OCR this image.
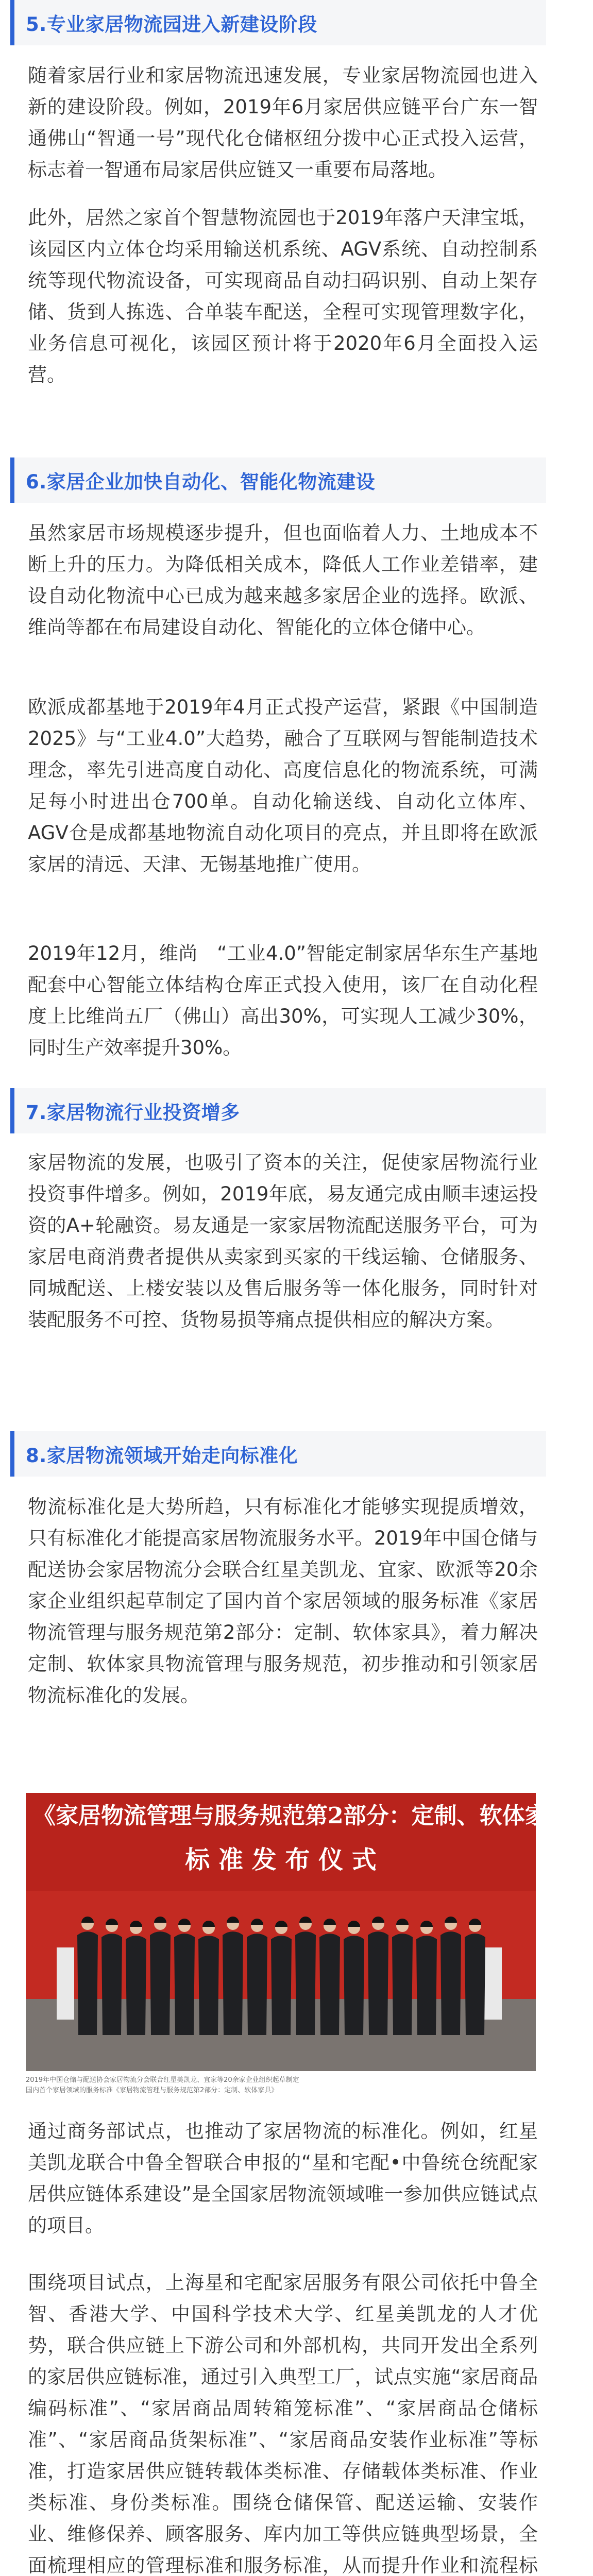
5.专业家居物流园进入新建设阶段

随着家居行业和家居物流迅速发展，专业家居物流园也进入新的建设阶段。例如，2019年6月家居供应链平台广东一智通佛山“智通一号”现代化仓储枢纽分拨中心正式投入运营，标志着一智通布局家居供应链又一重要布局落地。

此外，居然之家首个智慧物流园也于2019年落户天津宝坻，该园区内立体仓均采用输送机系统、AGV系统、自动控制系统等现代物流设备，可实现商品自动扫码识别、自动上架存储、货到人拣选、合单装车配送，全程可实现管理数字化，业务信息可视化，该园区预计将于2020年6月全面投入运营。

6.家居企业加快自动化、智能化物流建设

虽然家居市场规模逐步提升，但也面临着人力、土地成本不断上升的压力。为降低相关成本，降低人工作业差错率，建设自动化物流中心已成为越来越多家居企业的选择。欧派、维尚等都在布局建设自动化、智能化的立体仓储中心。

欧派成都基地于2019年4月正式投产运营，紧跟《中国制造2025》与“工业4.0”大趋势，融合了互联网与智能制造技术理念，率先引进高度自动化、高度信息化的物流系统，可满足每小时进出仓700单。自动化输送线、自动化立体库、AGV仓是成都基地物流自动化项目的亮点，并且即将在欧派家居的清远、天津、无锡基地推广使用。

2019年12月，维尚　“工业4.0”智能定制家居华东生产基地配套中心智能立体结构仓库正式投入使用，该厂在自动化程度上比维尚五厂（佛山）高出30%，可实现人工减少30%，同时生产效率提升30%。

7.家居物流行业投资增多

家居物流的发展，也吸引了资本的关注，促使家居物流行业投资事件增多。例如，2019年底，易友通完成由顺丰速运投资的A+轮融资。易友通是一家家居物流配送服务平台，可为家居电商消费者提供从卖家到买家的干线运输、仓储服务、同城配送、上楼安装以及售后服务等一体化服务，同时针对装配服务不可控、货物易损等痛点提供相应的解决方案。

8.家居物流领域开始走向标准化

物流标准化是大势所趋，只有标准化才能够实现提质增效，只有标准化才能提高家居物流服务水平。2019年中国仓储与配送协会家居物流分会联合红星美凯龙、宜家、欧派等20余家企业组织起草制定了国内首个家居领域的服务标准《家居物流管理与服务规范第2部分：定制、软体家具》，着力解决定制、软体家具物流管理与服务规范，初步推动和引领家居物流标准化的发展。

《家居物流管理与服务规范第2部分：定制、软体家具》
标 准 发 布 仪 式
2019年中国仓储与配送协会家居物流分会联合红星美凯龙、宜家等20余家企业组织起草制定
国内首个家居领域的服务标准《家居物流管理与服务规范第2部分：定制、软体家具》

通过商务部试点，也推动了家居物流的标准化。例如，红星美凯龙联合中鲁全智联合申报的“星和宅配•中鲁统仓统配家居供应链体系建设”是全国家居物流领域唯一参加供应链试点的项目。

围绕项目试点，上海星和宅配家居服务有限公司依托中鲁全智、香港大学、中国科学技术大学、红星美凯龙的人才优势，联合供应链上下游公司和外部机构，共同开发出全系列的家居供应链标准，通过引入典型工厂，试点实施“家居商品编码标准”、“家居商品周转箱笼标准”、“家居商品仓储标准”、“家居商品货架标准”、“家居商品安装作业标准”等标准，打造家居供应链转载体类标准、存储载体类标准、作业类标准、身份类标准。围绕仓储保管、配送运输、安装作业、维修保养、顾客服务、库内加工等供应链典型场景，全面梳理相应的管理标准和服务标准，从而提升作业和流程标
